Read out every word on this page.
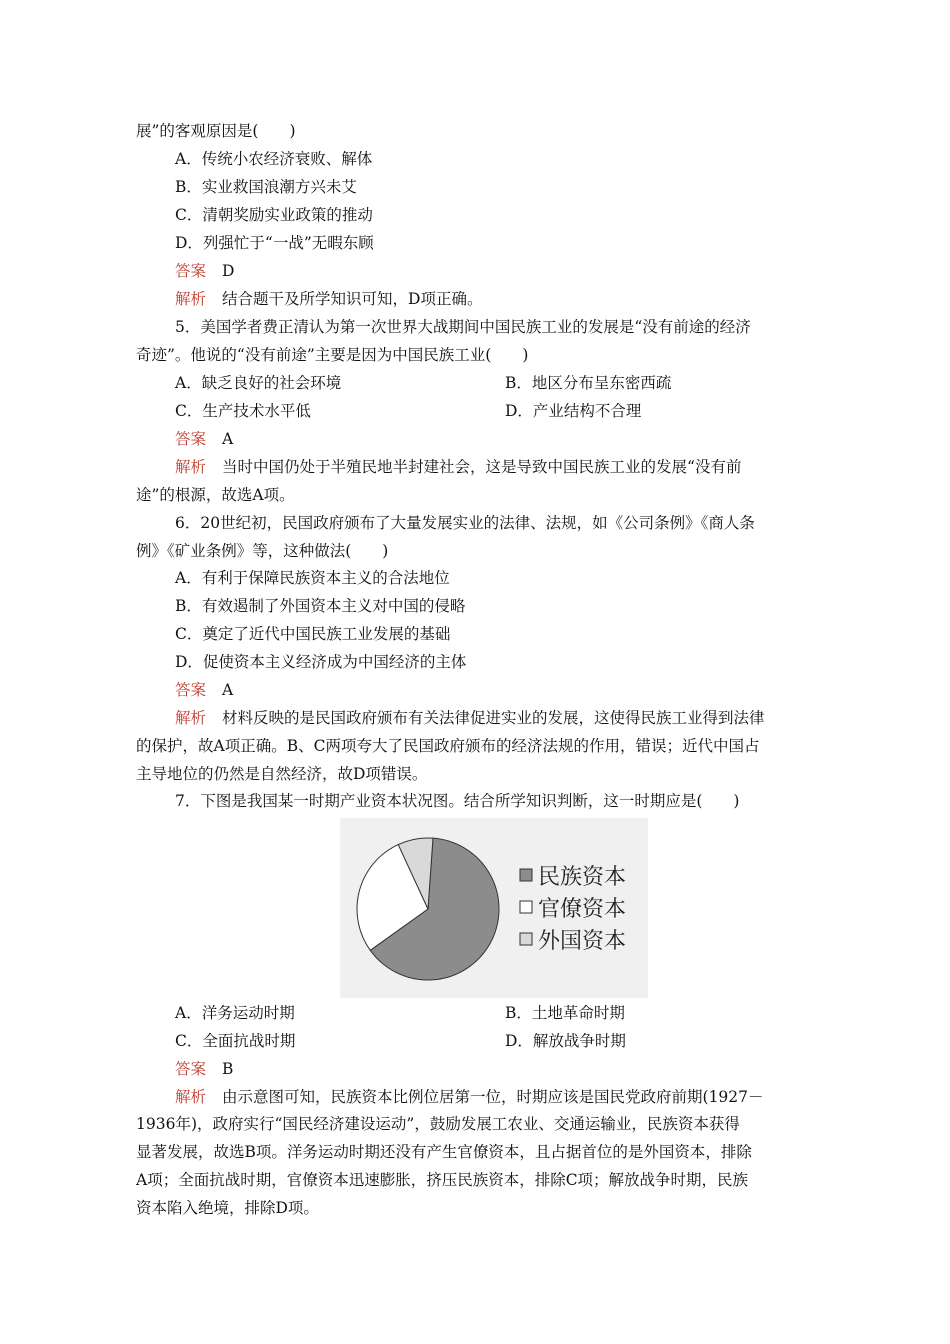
展”的客观原因是(　　)
A．传统小农经济衰败、解体
B．实业救国浪潮方兴未艾
C．清朝奖励实业政策的推动
D．列强忙于“一战”无暇东顾
答案 D
解析 结合题干及所学知识可知，D项正确。
5．美国学者费正清认为第一次世界大战期间中国民族工业的发展是“没有前途的经济
奇迹”。他说的“没有前途”主要是因为中国民族工业(　　)
A．缺乏良好的社会环境	B．地区分布呈东密西疏
C．生产技术水平低	D．产业结构不合理
答案 A
解析 当时中国仍处于半殖民地半封建社会，这是导致中国民族工业的发展“没有前
途”的根源，故选A项。
6．20世纪初，民国政府颁布了大量发展实业的法律、法规，如《公司条例》《商人条
例》《矿业条例》等，这种做法(　　)
A．有利于保障民族资本主义的合法地位
B．有效遏制了外国资本主义对中国的侵略
C．奠定了近代中国民族工业发展的基础
D．促使资本主义经济成为中国经济的主体
答案 A
解析 材料反映的是民国政府颁布有关法律促进实业的发展，这使得民族工业得到法律
的保护，故A项正确。B、C两项夸大了民国政府颁布的经济法规的作用，错误；近代中国占
主导地位的仍然是自然经济，故D项错误。
7．下图是我国某一时期产业资本状况图。结合所学知识判断，这一时期应是(　　)
民族资本
官僚资本
外国资本
A．洋务运动时期	B．土地革命时期
C．全面抗战时期	D．解放战争时期
答案 B
解析 由示意图可知，民族资本比例位居第一位，时期应该是国民党政府前期(1927－
1936年)，政府实行“国民经济建设运动”，鼓励发展工农业、交通运输业，民族资本获得
显著发展，故选B项。洋务运动时期还没有产生官僚资本，且占据首位的是外国资本，排除
A项；全面抗战时期，官僚资本迅速膨胀，挤压民族资本，排除C项；解放战争时期，民族
资本陷入绝境，排除D项。
